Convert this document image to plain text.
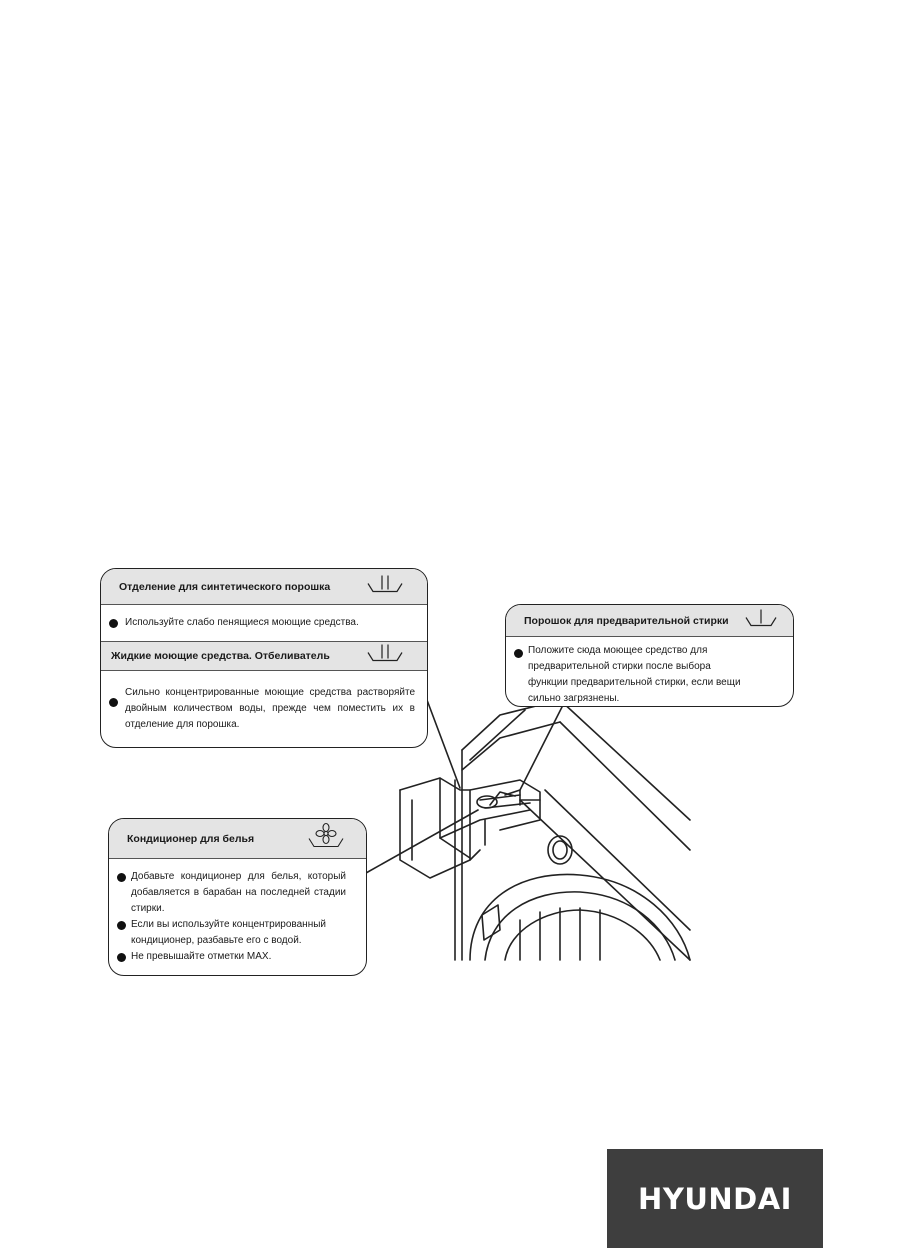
Отделение для синтетического порошка
Используйте слабо пенящиеся моющие средства.
Жидкие моющие средства. Отбеливатель
Сильно концентрированные моющие средства растворяйте двойным количеством воды, прежде чем поместить их в отделение для порошка.
Порошок для предварительной стирки
Положите сюда моющее средство для предварительной стирки после выбора функции предварительной стирки, если вещи сильно загрязнены.
Кондиционер для белья
Добавьте кондиционер для белья, который добавляется в барабан на последней стадии стирки.
Если вы используйте концентрированный кондиционер, разбавьте его с водой.
Не превышайте отметки МАХ.
HYUNDAI
